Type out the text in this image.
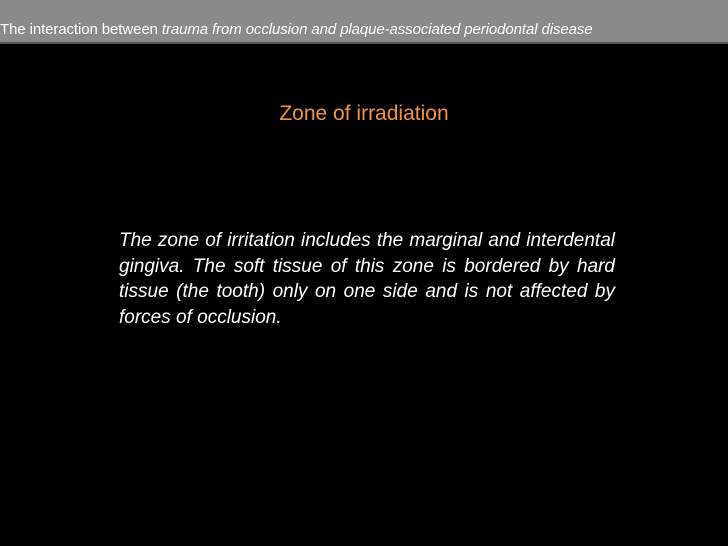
The interaction between trauma from occlusion and plaque-associated periodontal disease
Zone of irradiation
The zone of irritation includes the marginal and interdental gingiva. The soft tissue of this zone is bordered by hard tissue (the tooth) only on one side and is not affected by forces of occlusion.
